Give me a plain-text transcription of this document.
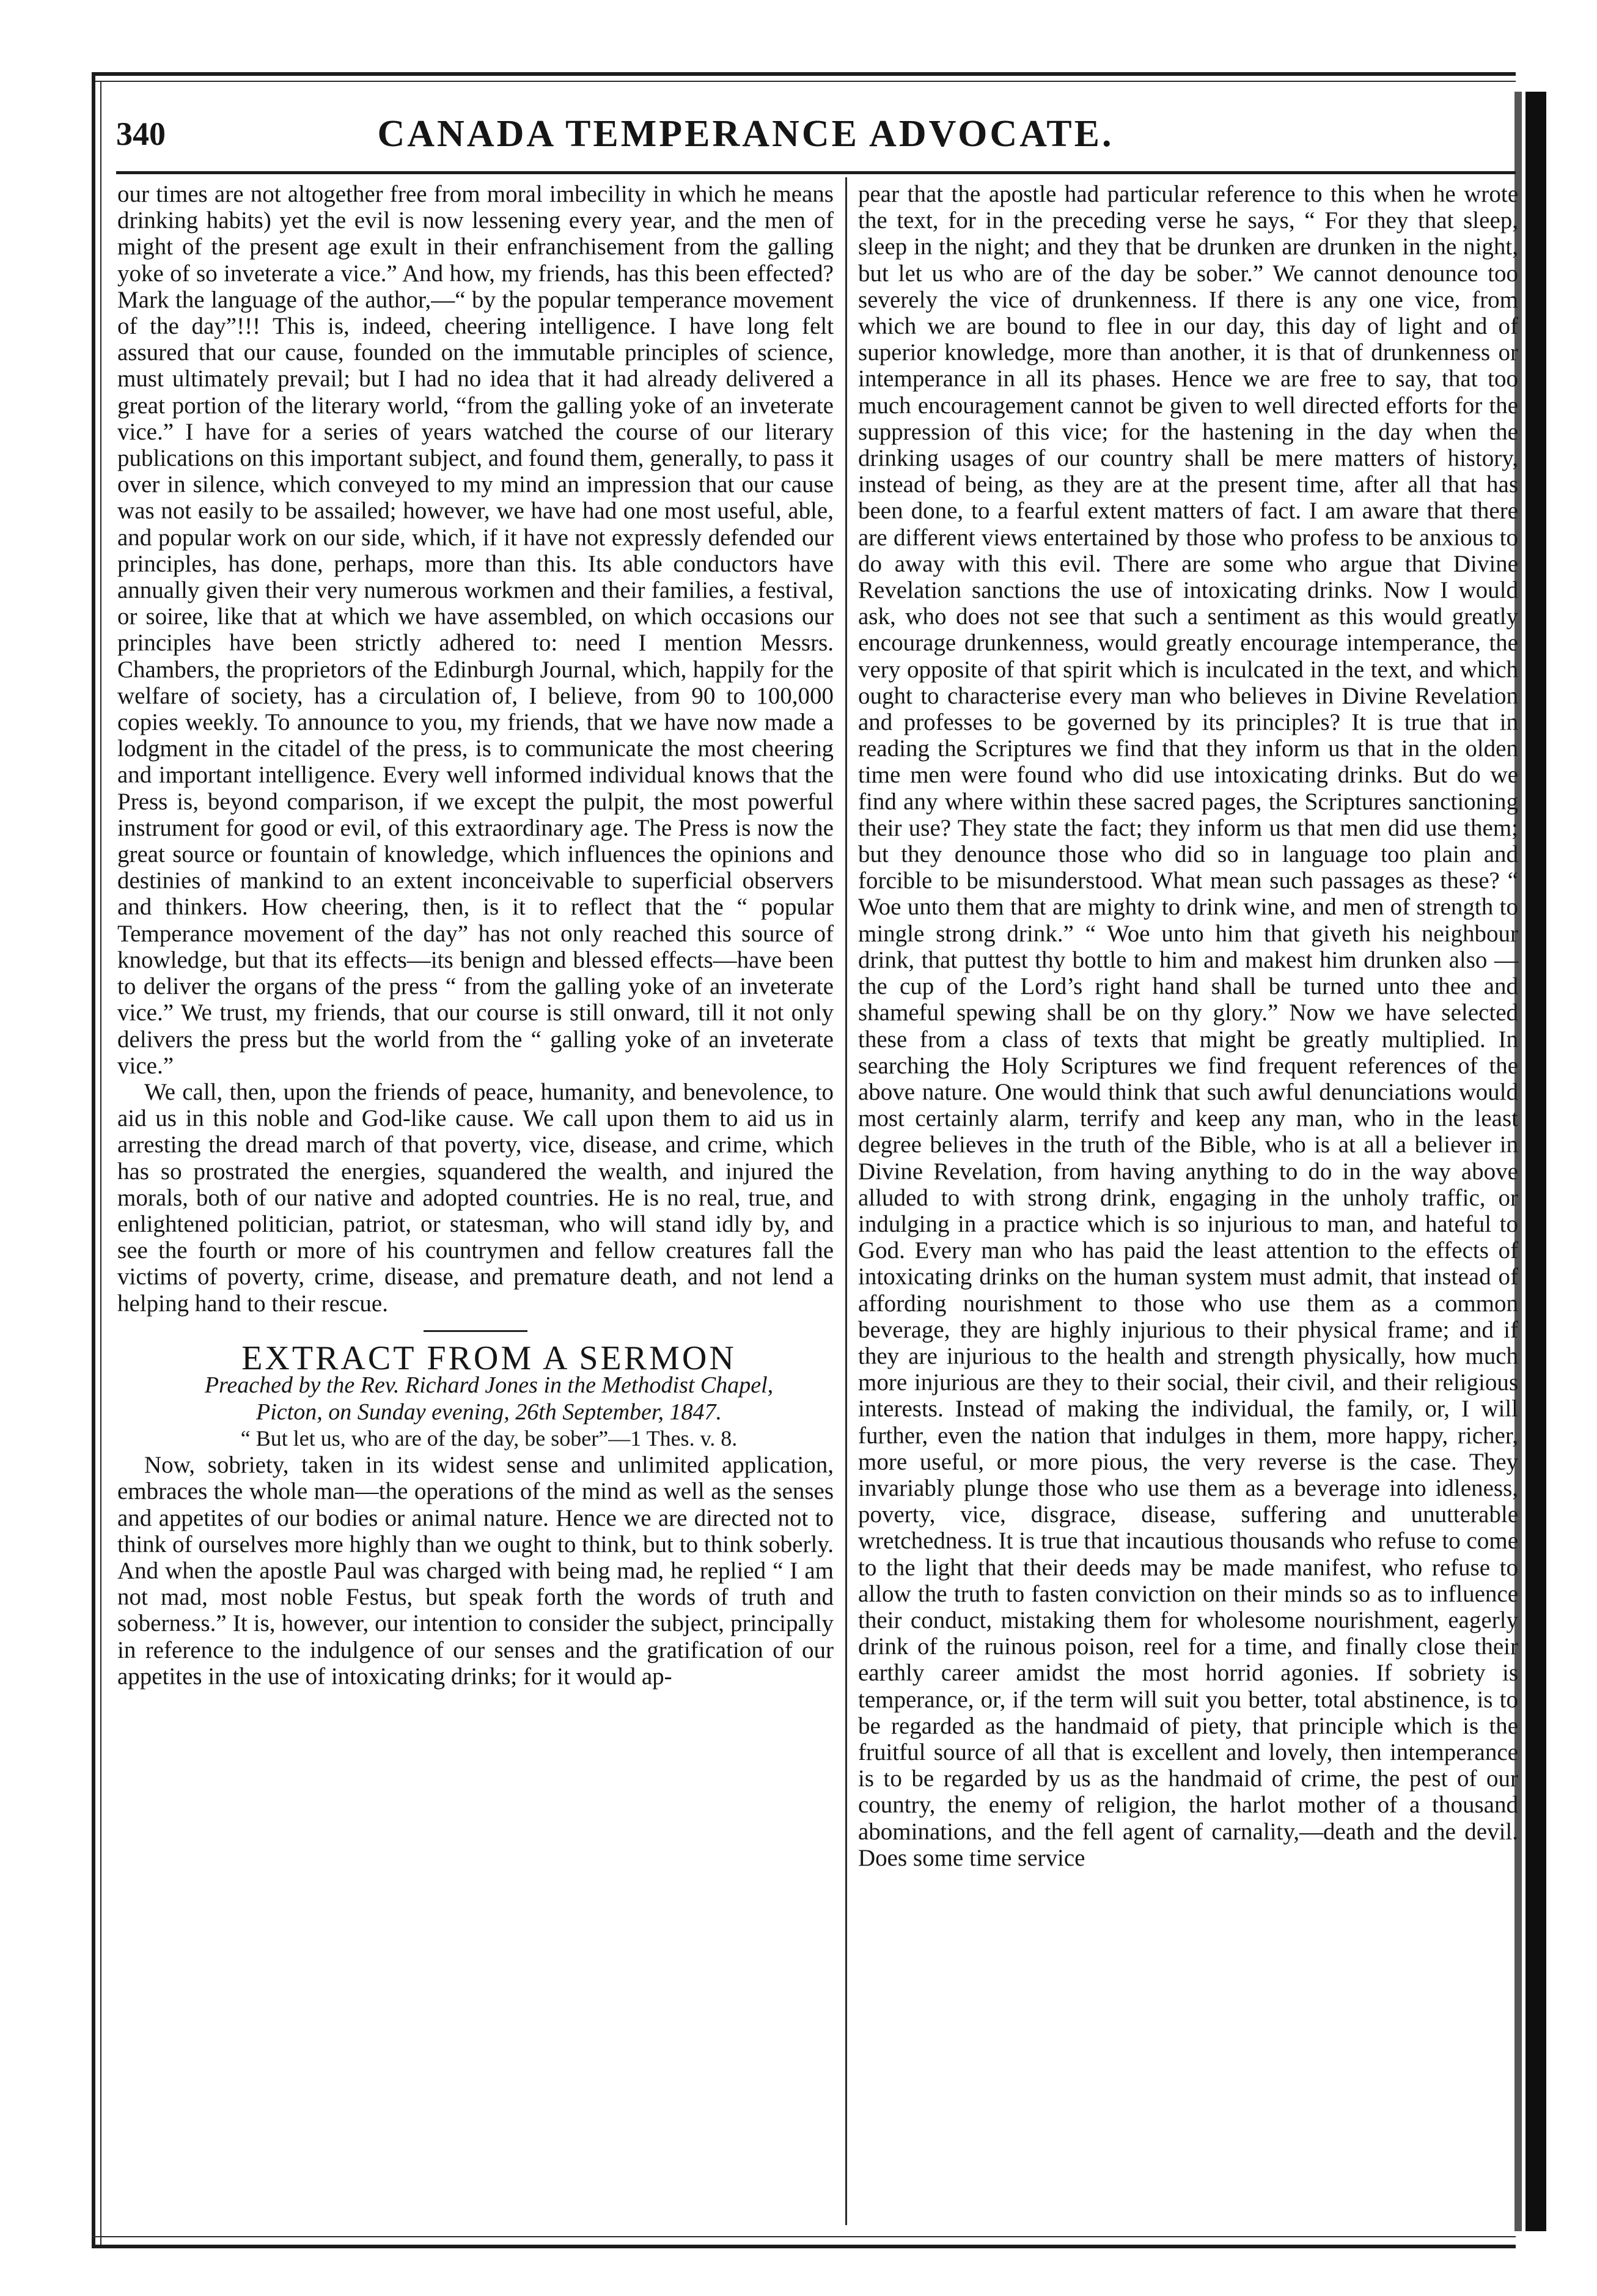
340	CANADA TEMPERANCE ADVOCATE.

our times are not altogether free from moral imbecility in which he means drinking habits) yet the evil is now lessening every year, and the men of might of the present age exult in their enfranchisement from the galling yoke of so inveterate a vice.” And how, my friends, has this been effected? Mark the language of the author,—“ by the popular temperance movement of the day”!!! This is, indeed, cheering intelligence. I have long felt assured that our cause, founded on the immutable principles of science, must ultimately prevail; but I had no idea that it had already delivered a great portion of the literary world, “from the galling yoke of an inveterate vice.” I have for a series of years watched the course of our literary publications on this important subject, and found them, generally, to pass it over in silence, which conveyed to my mind an impression that our cause was not easily to be assailed; however, we have had one most useful, able, and popular work on our side, which, if it have not expressly defended our principles, has done, perhaps, more than this. Its able conductors have annually given their very numerous workmen and their families, a festival, or soiree, like that at which we have assembled, on which occasions our principles have been strictly adhered to: need I mention Messrs. Chambers, the proprietors of the Edinburgh Journal, which, happily for the welfare of society, has a circulation of, I believe, from 90 to 100,000 copies weekly. To announce to you, my friends, that we have now made a lodgment in the citadel of the press, is to communicate the most cheering and important intelligence. Every well informed individual knows that the Press is, beyond comparison, if we except the pulpit, the most powerful instrument for good or evil, of this extraordinary age. The Press is now the great source or fountain of knowledge, which influences the opinions and destinies of mankind to an extent inconceivable to superficial observers and thinkers. How cheering, then, is it to reflect that the “ popular Temperance movement of the day” has not only reached this source of knowledge, but that its effects—its benign and blessed effects—have been to deliver the organs of the press “ from the galling yoke of an inveterate vice.” We trust, my friends, that our course is still onward, till it not only delivers the press but the world from the “ galling yoke of an inveterate vice.”

We call, then, upon the friends of peace, humanity, and benevolence, to aid us in this noble and God-like cause. We call upon them to aid us in arresting the dread march of that poverty, vice, disease, and crime, which has so prostrated the energies, squandered the wealth, and injured the morals, both of our native and adopted countries. He is no real, true, and enlightened politician, patriot, or statesman, who will stand idly by, and see the fourth or more of his countrymen and fellow creatures fall the victims of poverty, crime, disease, and premature death, and not lend a helping hand to their rescue.

EXTRACT FROM A SERMON

Preached by the Rev. Richard Jones in the Methodist Chapel,

Picton, on Sunday evening, 26th September, 1847.

“ But let us, who are of the day, be sober”—1 Thes. v. 8.

Now, sobriety, taken in its widest sense and unlimited application, embraces the whole man—the operations of the mind as well as the senses and appetites of our bodies or animal nature. Hence we are directed not to think of ourselves more highly than we ought to think, but to think soberly. And when the apostle Paul was charged with being mad, he replied “ I am not mad, most noble Festus, but speak forth the words of truth and soberness.” It is, however, our intention to consider the subject, principally in reference to the indulgence of our senses and the gratification of our appetites in the use of intoxicating drinks; for it would ap-

pear that the apostle had particular reference to this when he wrote the text, for in the preceding verse he says, “ For they that sleep, sleep in the night; and they that be drunken are drunken in the night, but let us who are of the day be sober.” We cannot denounce too severely the vice of drunkenness. If there is any one vice, from which we are bound to flee in our day, this day of light and of superior knowledge, more than another, it is that of drunkenness or intemperance in all its phases. Hence we are free to say, that too much encouragement cannot be given to well directed efforts for the suppression of this vice; for the hastening in the day when the drinking usages of our country shall be mere matters of history, instead of being, as they are at the present time, after all that has been done, to a fearful extent matters of fact. I am aware that there are different views entertained by those who profess to be anxious to do away with this evil. There are some who argue that Divine Revelation sanctions the use of intoxicating drinks. Now I would ask, who does not see that such a sentiment as this would greatly encourage drunkenness, would greatly encourage intemperance, the very opposite of that spirit which is inculcated in the text, and which ought to characterise every man who believes in Divine Revelation and professes to be governed by its principles? It is true that in reading the Scriptures we find that they inform us that in the olden time men were found who did use intoxicating drinks. But do we find any where within these sacred pages, the Scriptures sanctioning their use? They state the fact; they inform us that men did use them; but they denounce those who did so in language too plain and forcible to be misunderstood. What mean such passages as these? “ Woe unto them that are mighty to drink wine, and men of strength to mingle strong drink.” “ Woe unto him that giveth his neighbour drink, that puttest thy bottle to him and makest him drunken also —the cup of the Lord’s right hand shall be turned unto thee and shameful spewing shall be on thy glory.” Now we have selected these from a class of texts that might be greatly multiplied. In searching the Holy Scriptures we find frequent references of the above nature. One would think that such awful denunciations would most certainly alarm, terrify and keep any man, who in the least degree believes in the truth of the Bible, who is at all a believer in Divine Revelation, from having anything to do in the way above alluded to with strong drink, engaging in the unholy traffic, or indulging in a practice which is so injurious to man, and hateful to God. Every man who has paid the least attention to the effects of intoxicating drinks on the human system must admit, that instead of affording nourishment to those who use them as a common beverage, they are highly injurious to their physical frame; and if they are injurious to the health and strength physically, how much more injurious are they to their social, their civil, and their religious interests. Instead of making the individual, the family, or, I will further, even the nation that indulges in them, more happy, richer, more useful, or more pious, the very reverse is the case. They invariably plunge those who use them as a beverage into idleness, poverty, vice, disgrace, disease, suffering and unutterable wretchedness. It is true that incautious thousands who refuse to come to the light that their deeds may be made manifest, who refuse to allow the truth to fasten conviction on their minds so as to influence their conduct, mistaking them for wholesome nourishment, eagerly drink of the ruinous poison, reel for a time, and finally close their earthly career amidst the most horrid agonies. If sobriety is temperance, or, if the term will suit you better, total abstinence, is to be regarded as the handmaid of piety, that principle which is the fruitful source of all that is excellent and lovely, then intemperance is to be regarded by us as the handmaid of crime, the pest of our country, the enemy of religion, the harlot mother of a thousand abominations, and the fell agent of carnality,—death and the devil. Does some time service
